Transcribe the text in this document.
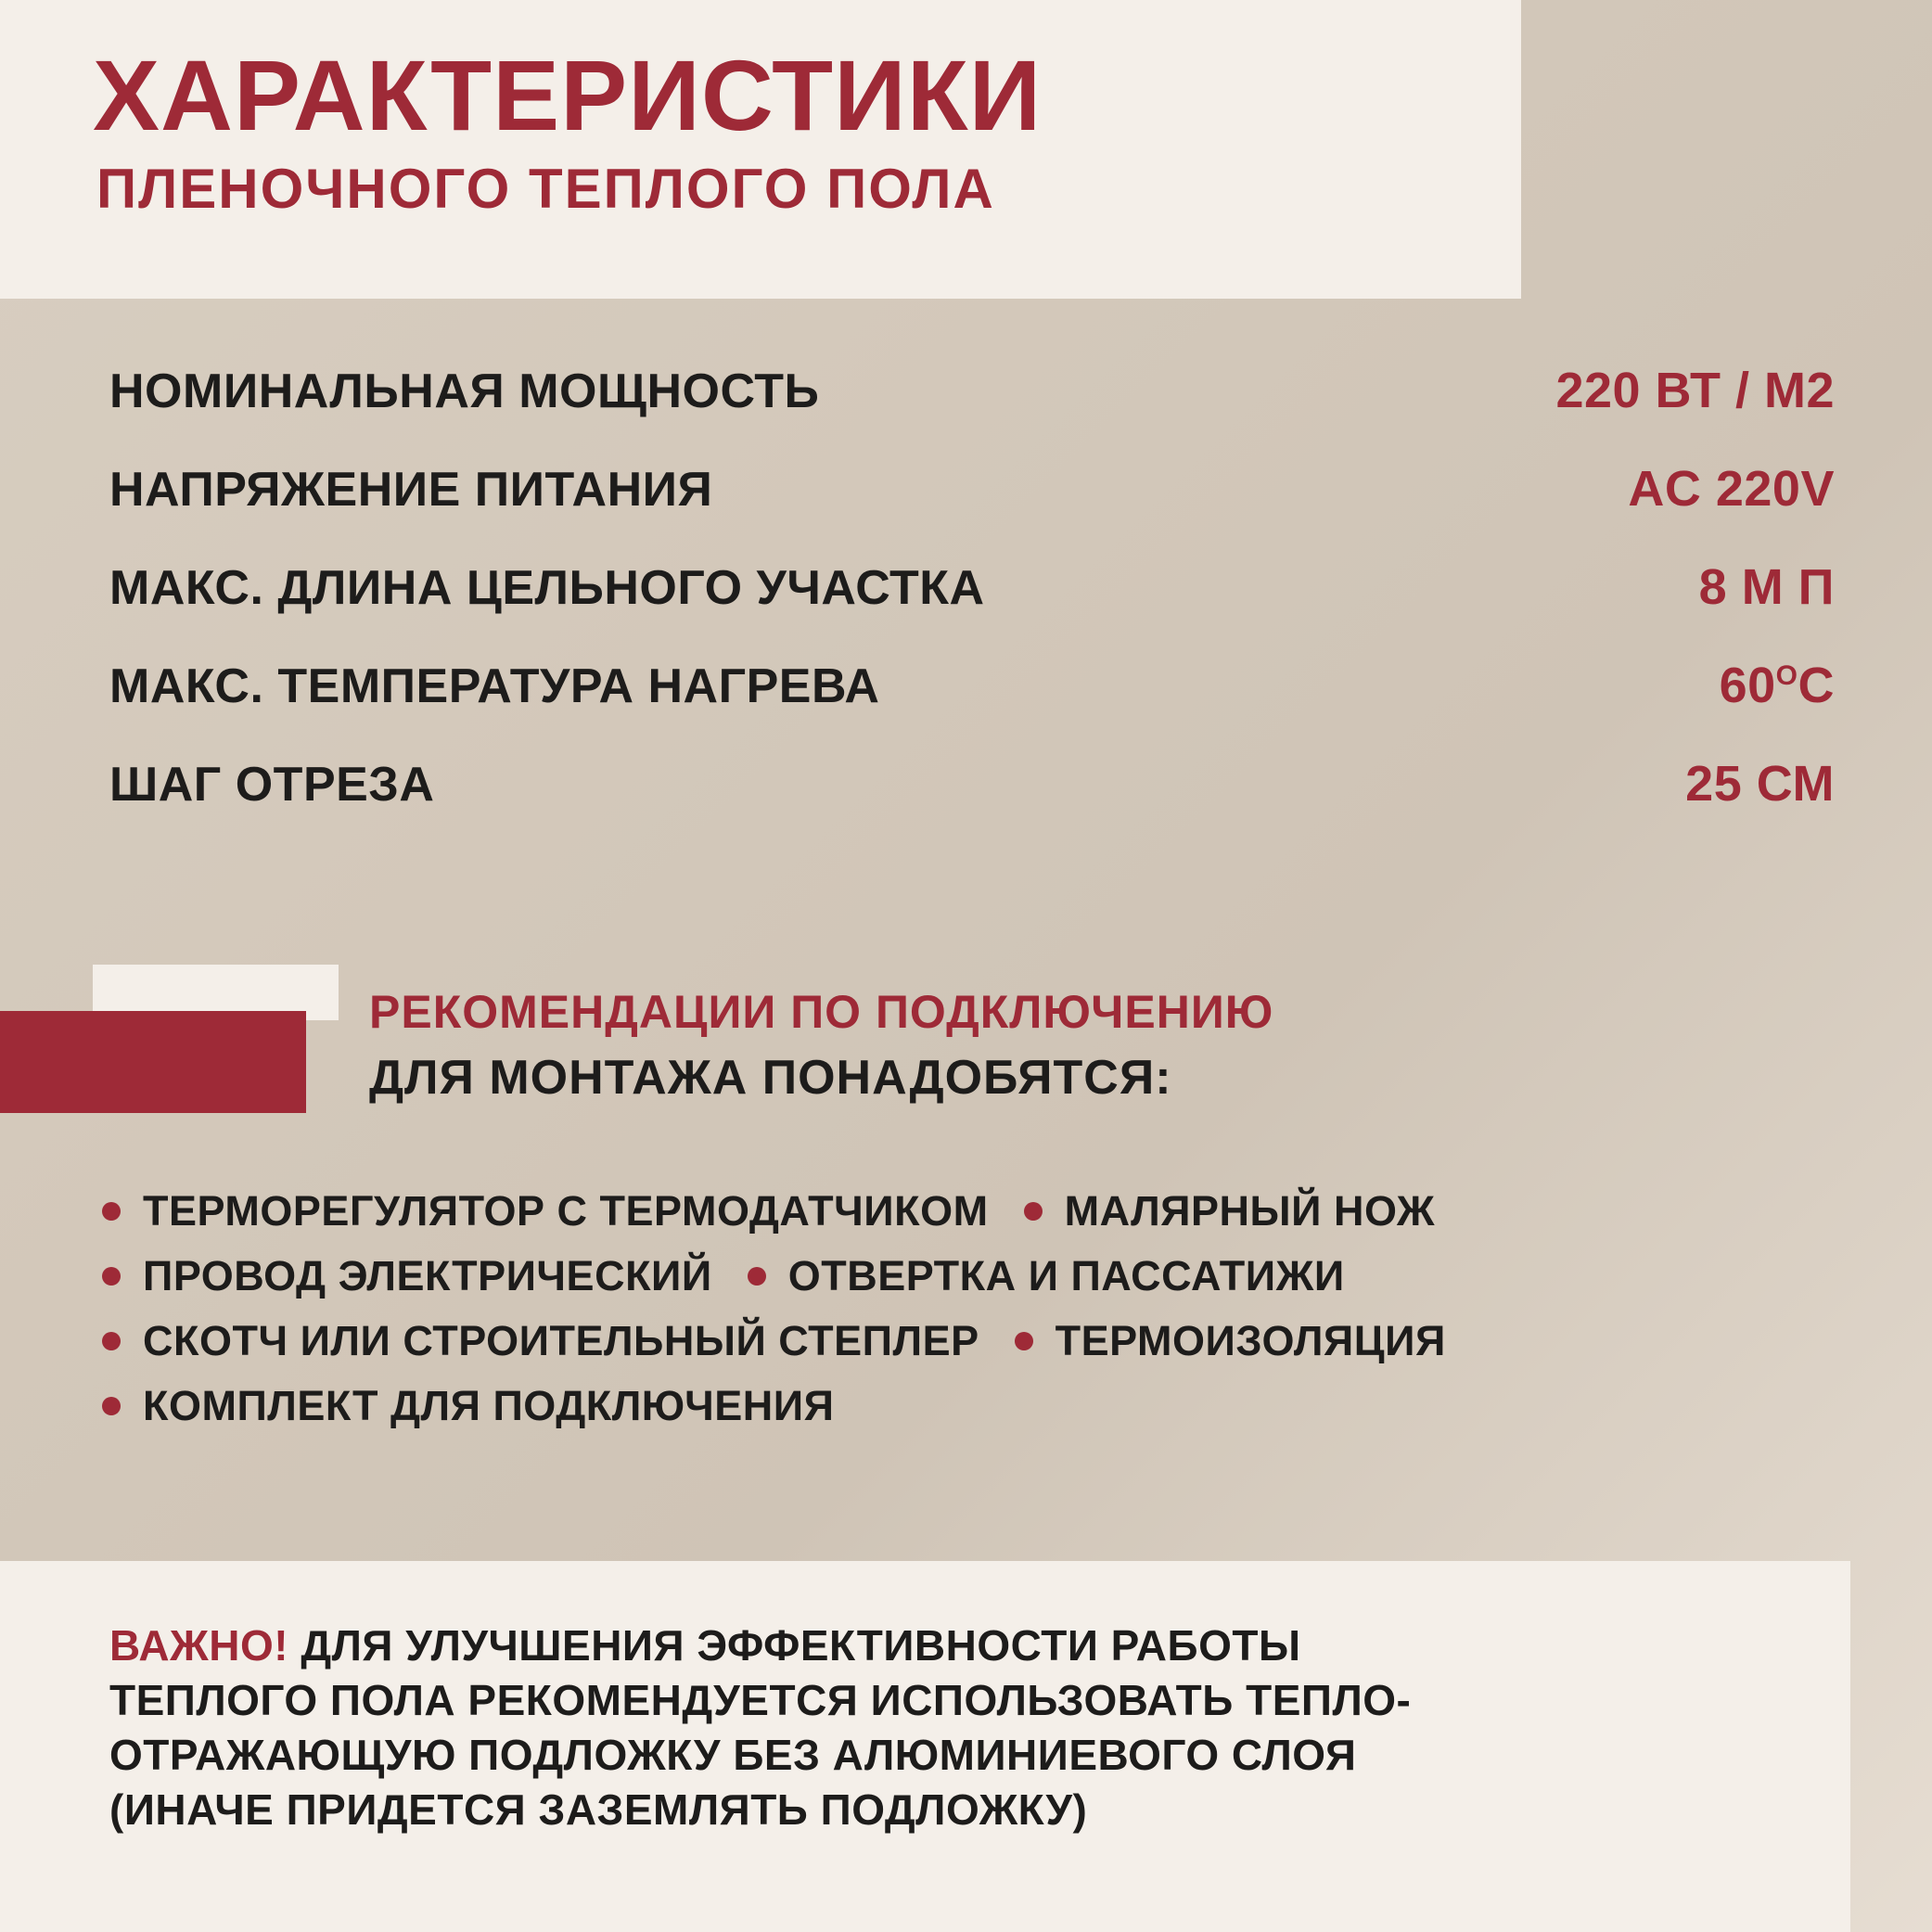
ХАРАКТЕРИСТИКИ
ПЛЕНОЧНОГО ТЕПЛОГО ПОЛА
НОМИНАЛЬНАЯ МОЩНОСТЬ	220 ВТ / М2
НАПРЯЖЕНИЕ ПИТАНИЯ	AC 220V
МАКС. ДЛИНА ЦЕЛЬНОГО УЧАСТКА	8 М П
МАКС. ТЕМПЕРАТУРА НАГРЕВА	$60^OC$
ШАГ ОТРЕЗА	25 СМ
РЕКОМЕНДАЦИИ ПО ПОДКЛЮЧЕНИЮ
ДЛЯ МОНТАЖА ПОНАДОБЯТСЯ:
ТЕРМОРЕГУЛЯТОР С ТЕРМОДАТЧИКОМ МАЛЯРНЫЙ НОЖ
ПРОВОД ЭЛЕКТРИЧЕСКИЙ ОТВЕРТКА И ПАССАТИЖИ
СКОТЧ ИЛИ СТРОИТЕЛЬНЫЙ СТЕПЛЕР ТЕРМОИЗОЛЯЦИЯ
КОМПЛЕКТ ДЛЯ ПОДКЛЮЧЕНИЯ
ВАЖНО! ДЛЯ УЛУЧШЕНИЯ ЭФФЕКТИВНОСТИ РАБОТЫ
ТЕПЛОГО ПОЛА РЕКОМЕНДУЕТСЯ ИСПОЛЬЗОВАТЬ ТЕПЛО-
ОТРАЖАЮЩУЮ ПОДЛОЖКУ БЕЗ АЛЮМИНИЕВОГО СЛОЯ
(ИНАЧЕ ПРИДЕТСЯ ЗАЗЕМЛЯТЬ ПОДЛОЖКУ)
